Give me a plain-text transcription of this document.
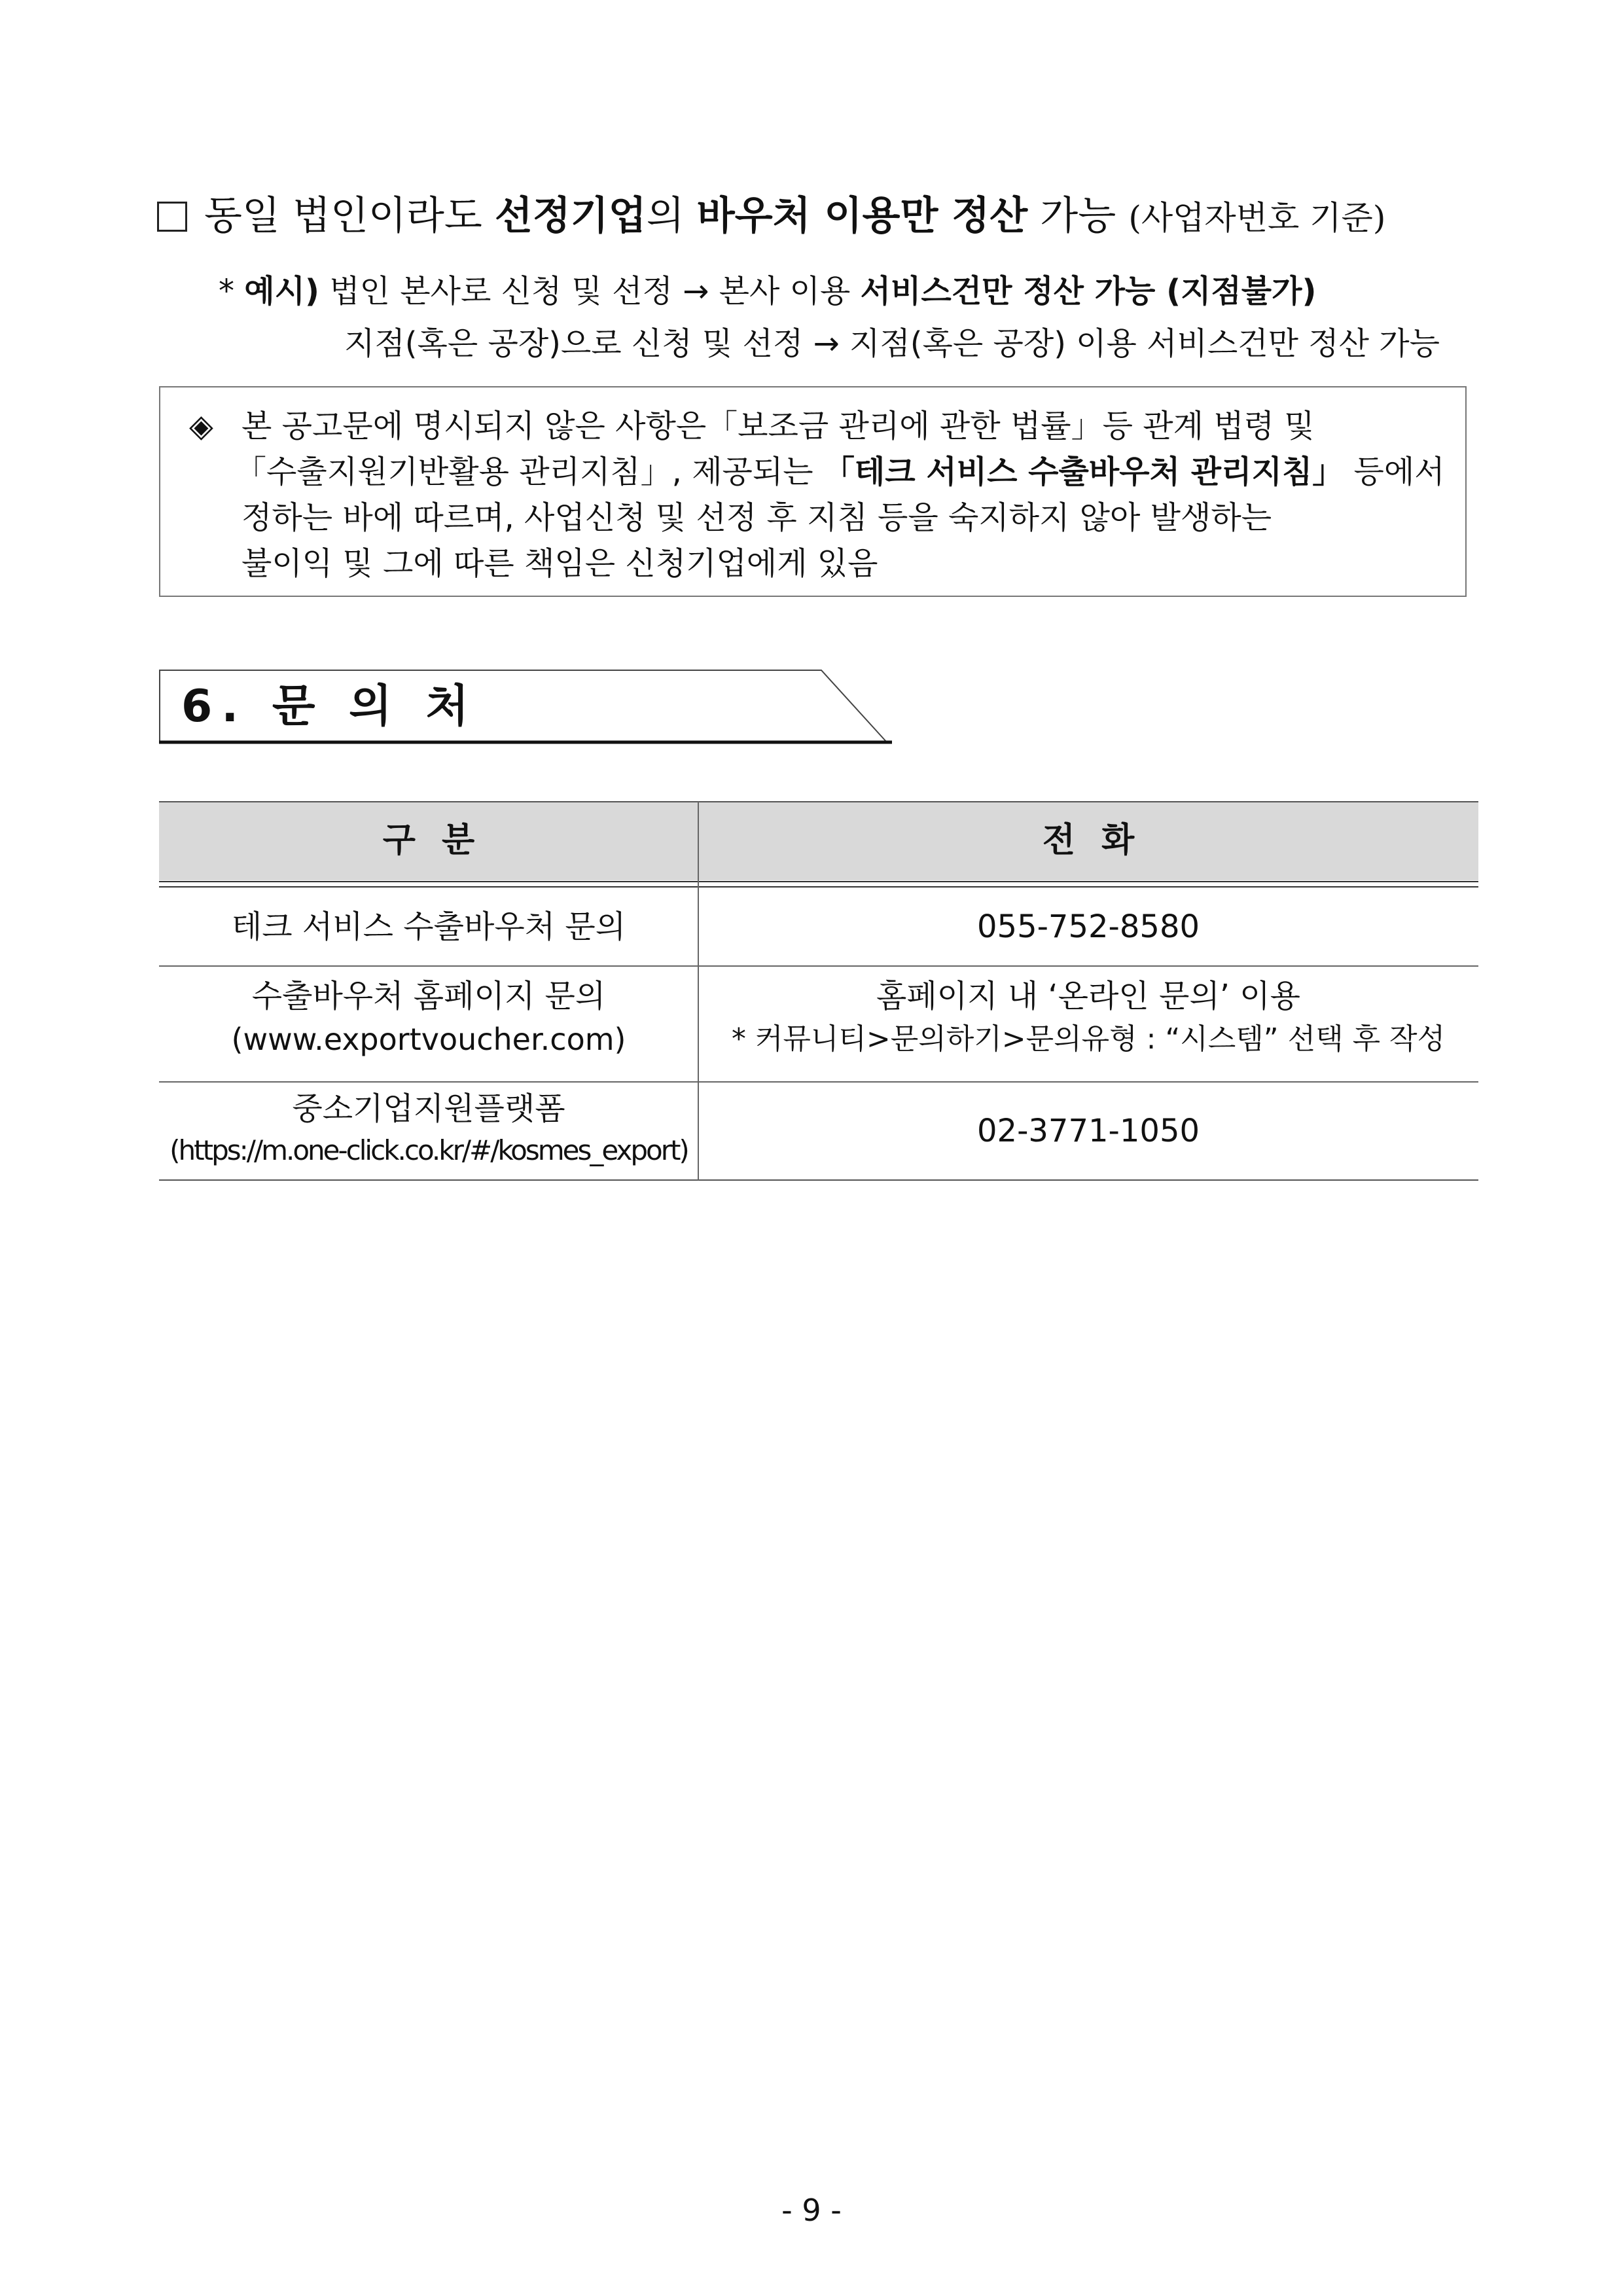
동일 법인이라도 선정기업의 바우처 이용만 정산 가능 (사업자번호 기준)
* 예시) 법인 본사로 신청 및 선정 → 본사 이용 서비스건만 정산 가능 (지점불가)
지점(혹은 공장)으로 신청 및 선정 → 지점(혹은 공장) 이용 서비스건만 정산 가능
◈ 본 공고문에 명시되지 않은 사항은「보조금 관리에 관한 법률」등 관계 법령 및
「수출지원기반활용 관리지침」, 제공되는 「테크 서비스 수출바우처 관리지침」 등에서
정하는 바에 따르며, 사업신청 및 선정 후 지침 등을 숙지하지 않아 발생하는
불이익 및 그에 따른 책임은 신청기업에게 있음
6. 문 의 처
구분	전화
테크 서비스 수출바우처 문의	055-752-8580
수출바우처 홈페이지 문의
(www.exportvoucher.com)
홈페이지 내 ‘온라인 문의’ 이용
* 커뮤니티>문의하기>문의유형 : “시스템” 선택 후 작성
중소기업지원플랫폼
(https://m.one-click.co.kr/#/kosmes_export)
02-3771-1050
- 9 -
